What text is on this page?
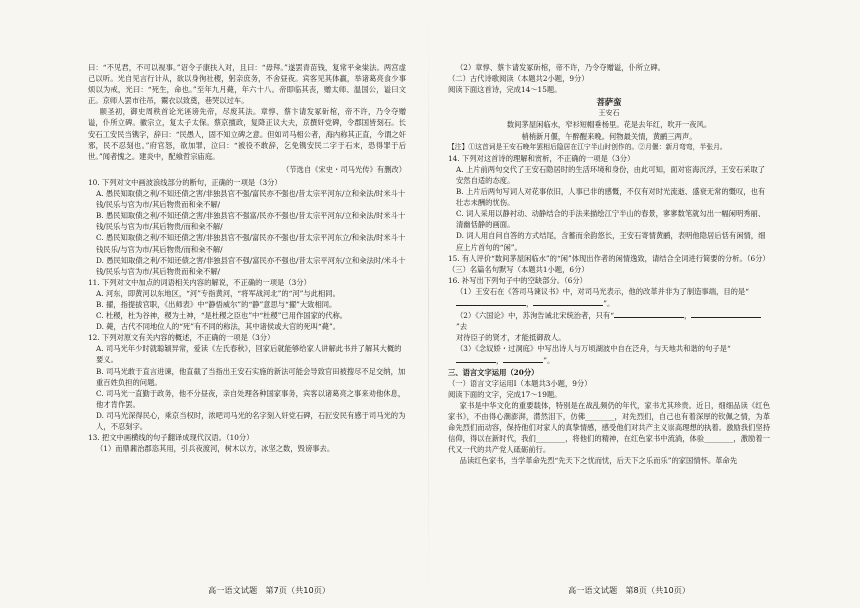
曰：“不见君，不可以视事。”诏令子康扶入对，且曰：“毋拜。”遂罢青苗钱，复常平籴粜法。两宫虚己以听。光自见言行计从，欲以身徇社稷，躬亲庶务，不舍昼夜。宾客见其体羸，举诸葛亮食少事烦以为戒，光曰：“死生，命也。”至年九月薨，年六十八。帝即临其丧，赠太师、温国公，谥曰文正。京师人罢市往吊，鬻衣以致奠，巷哭以过车。

颐圣初，御史周秩首论光诬谤先帝，尽废其法。章惇、蔡卞请发冢斫棺，帝不许，乃令夺赠谥，仆所立碑。徽宗立，复太子太保。蔡京擅政，复降正议大夫，京撰奸党碑，令郡国皆刻石。长安石工安民当镌字，辞曰：“民愚人，固不知立碑之意。但如司马相公者，海内称其正直，今谓之奸邪，民不忍刻也。”府官怒，欲加罪，泣曰：“被役不敢辞，乞免镌安民二字于石末，恐得罪于后世。”闻者愧之。建炎中，配飨哲宗庙庭。

（节选自《宋史・司马光传》有删改）

10. 下列对文中画波浪线部分的断句，正确的一项是（3分）

A. 愚民知取债之利/不知还债之害/非独县官不强/富民亦不强也/昔太宗平河东/立和籴法/时米斗十钱/民乐与官为市/其后物贵而和籴不解/

B. 愚民知取债之利/不知还债之害/非独县官不强富/民亦不强也/昔太宗平河东/立和籴法/时米斗十钱/民乐与官为市/其后物贵/而和籴不解/

C. 愚民知取债之利/不知还债之害/非独县官不强/富民亦不强也/昔太宗平河东立/和籴法/时米斗十钱民乐/与官为市/其后物贵/而和籴不解/

D. 愚民知取债之利/不知还债之害/非独县官不强/富民亦不强也/昔太宗平河东/立和籴法时/米斗十钱/民乐与官为市/其后物贵而和籴不解/

11. 下列对文中加点的词语相关内容的解说，不正确的一项是（3分）

A. 河东，即黄河以东地区，“河”专指黄河，“将军战河北”的“河”与此相同。

B. 擢，指提拔官职，《出师表》中“静悟威尔”的“静”意思与“擢”大致相同。

C. 杜稷，杜为谷神，稷为土神，“是杜稷之臣也”中“杜稷”已用作国家的代称。

D. 薨，古代不同地位人的“死”有不同的称法，其中诸侯或大官的死叫“薨”。

12. 下列对原文有关内容的概述，不正确的一项是（3分）

A. 司马光年少时就聪颖异常，爱读《左氏春秋》，回家后就能够给家人讲解此书并了解其大概的要义。

B. 司马光敢于直言进谏，他直截了当指出王安石实施的新法可能会导致官田被搜尽不足交纳，加重百姓负担的问题。

C. 司马光一直勤于政务，他不分昼夜，亲自处理各种国家事务，宾客以诸葛亮之事来劝他休息，他才肯作罢。

D. 司马光深得民心，乘京当权时，浓吧司马光的名字刻入奸党石碑，石匠安民有感于司马光的为人，不忍刻字。

13. 把文中画横线的句子翻译成现代汉语。（10分）

（1）而鼎鼐治郡恣其用，引兵夜渡河，树木以方，冰坚之数，毁谤事去。

高一语文试题　第7页（共10页）

（2）章惇、蔡卞请发冢斫棺，帝不许，乃令夺赠谥，仆所立碑。

（二）古代诗歌阅读（本题共2小题，9分）

阅读下面这首诗，完成14～15题。

菩萨蛮

王安石

数间茅屋闲临水，窄衫短帽垂杨里。花是去年红，吹开一夜风。

梢梢新月偃，午醉醒来晚。何物最关情，黄鹂三两声。

【注】①这首词是王安石晚年罢相后隐居在江宁半山时创作的。②月偃：新月弯弯，半张月。

14. 下列对这首诗的理解和赏析，不正确的一项是（3分）

A. 上片前两句交代了王安石隐居时的生活环境和身份，由此可知，面对宦海沉浮，王安石采取了安然自适的态度。

B. 上片后两句写词人对花事依旧，人事已非的感慨，不仅有对时光流逝、盛衰无常的慨叹，也有壮志未酬的忧伤。

C. 词人采用以静衬动、动静结合的手法来描绘江宁半山的春景，寥寥数笔就勾出一幅闲明秀丽、清幽恬静的画面。

D. 词人用自问自答的方式结尾，含蓄而余韵悠长，王安石寄情黄鹂，表明他隐居后恬有闲情，细应上片首句的“闲”。

15. 有人评价“数间茅屋闲临水”的“闲”体现出作者的闲情逸致，请结合全词进行简要的分析。（6分）

（三）名篇名句默写（本题共1小题，6分）

16. 补写出下列句子中的空缺部分。（6分）

（1）王安石在《答司马谏议书》中，对司马光表示，他的改革并非为了制造事端，目的是“，	”。

（2）《六国论》中，苏洵告诫北宋统治者，只有“	，”去

对待臣子的贤才，才能抵御敌人。

（3）《念奴娇・过洞庭》中写出诗人与万顷湖波中自在泛舟，与天地共和谐的句子是“，	”。

三、语言文字运用（20分）

（一）语言文字运用Ⅰ（本题共3小题，9分）

阅读下面的文字，完成17～19题。

家书是中华文化的重要载体，特别是在战乱频仍的年代，家书尤其珍贵。近日，细细品读《红色家书》，不由得心潮澎湃，潸然泪下，仿佛________，对先烈们，自己也有着深厚的钦佩之情，为革命先烈们而动容，保持他们对家人的真挚情感，感受他们对共产主义崇高理想的执着。激励我们坚持信仰，得以在新时代，我们________，将他们的精神，在红色家书中流淌，体验________，激励着一代又一代的共产党人砥砺前行。

品读红色家书，当学革命先烈“先天下之忧而忧，后天下之乐而乐”的家国情怀。革命先

高一语文试题　第8页（共10页）
